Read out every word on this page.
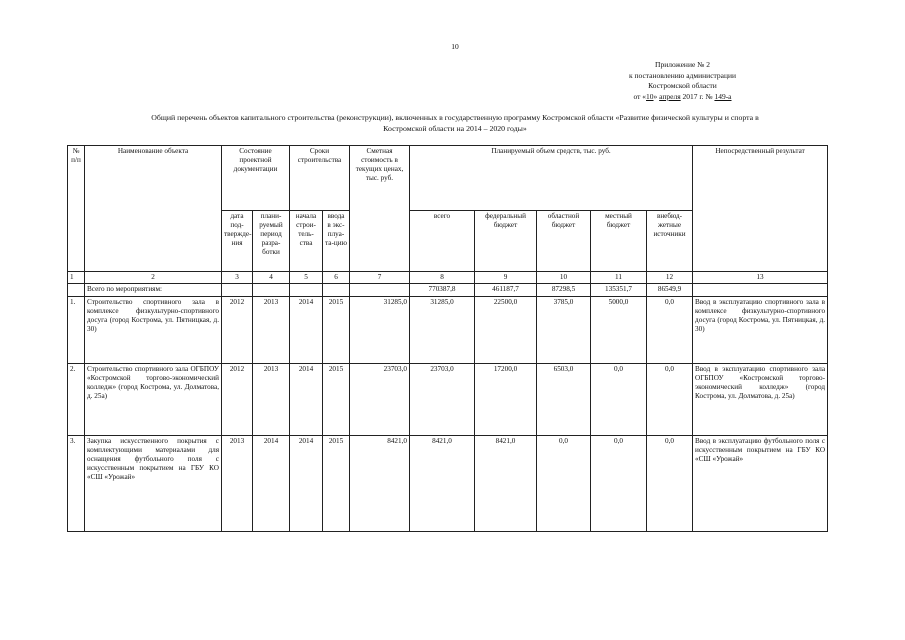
10
Приложение № 2
к постановлению администрации
Костромской области
от «10» апреля 2017 г. № 149-а
Общий перечень объектов капитального строительства (реконструкции), включенных в государственную программу Костромской области «Развитие физической культуры и спорта в
Костромской области на 2014 – 2020 годы»
№ п/п	Наименование объекта	Состояние проектной документации		Сроки строительства		Сметная стоимость в текущих ценах, тыс. руб.	Планируемый объем средств, тыс. руб.					Непосредственный результат
		дата под-твержде-ния	плани-руемый период разра-ботки	начала строи-тель-ства	ввода в экс-плуа-та-цию		всего	федеральный бюджет	областной бюджет	местный бюджет	внебюд-жетные источники	
1	2	3	4	5	6	7	8	9	10	11	12	13
	Всего по мероприятиям:						770387,8	461187,7	87298,5	135351,7	86549,9	
1.	Строительство спортивного зала в комплексе физкультурно-спортивного досуга (город Кострома, ул. Пятницкая, д. 30)	2012	2013	2014	2015	31285,0	31285,0	22500,0	3785,0	5000,0	0,0	Ввод в эксплуатацию спортивного зала в комплексе физкультурно-спортивного досуга (город Кострома, ул. Пятницкая, д. 30)
2.	Строительство спортивного зала ОГБПОУ «Костромской торгово-экономический колледж» (город Кострома, ул. Долматова, д. 25а)	2012	2013	2014	2015	23703,0	23703,0	17200,0	6503,0	0,0	0,0	Ввод в эксплуатацию спортивного зала ОГБПОУ «Костромской торгово-экономический колледж» (город Кострома, ул. Долматова, д. 25а)
3.	Закупка искусственного покрытия с комплектующими материалами для оснащения футбольного поля с искусственным покрытием на ГБУ КО «СШ «Урожай»	2013	2014	2014	2015	8421,0	8421,0	8421,0	0,0	0,0	0,0	Ввод в эксплуатацию футбольного поля с искусственным покрытием на ГБУ КО «СШ «Урожай»
